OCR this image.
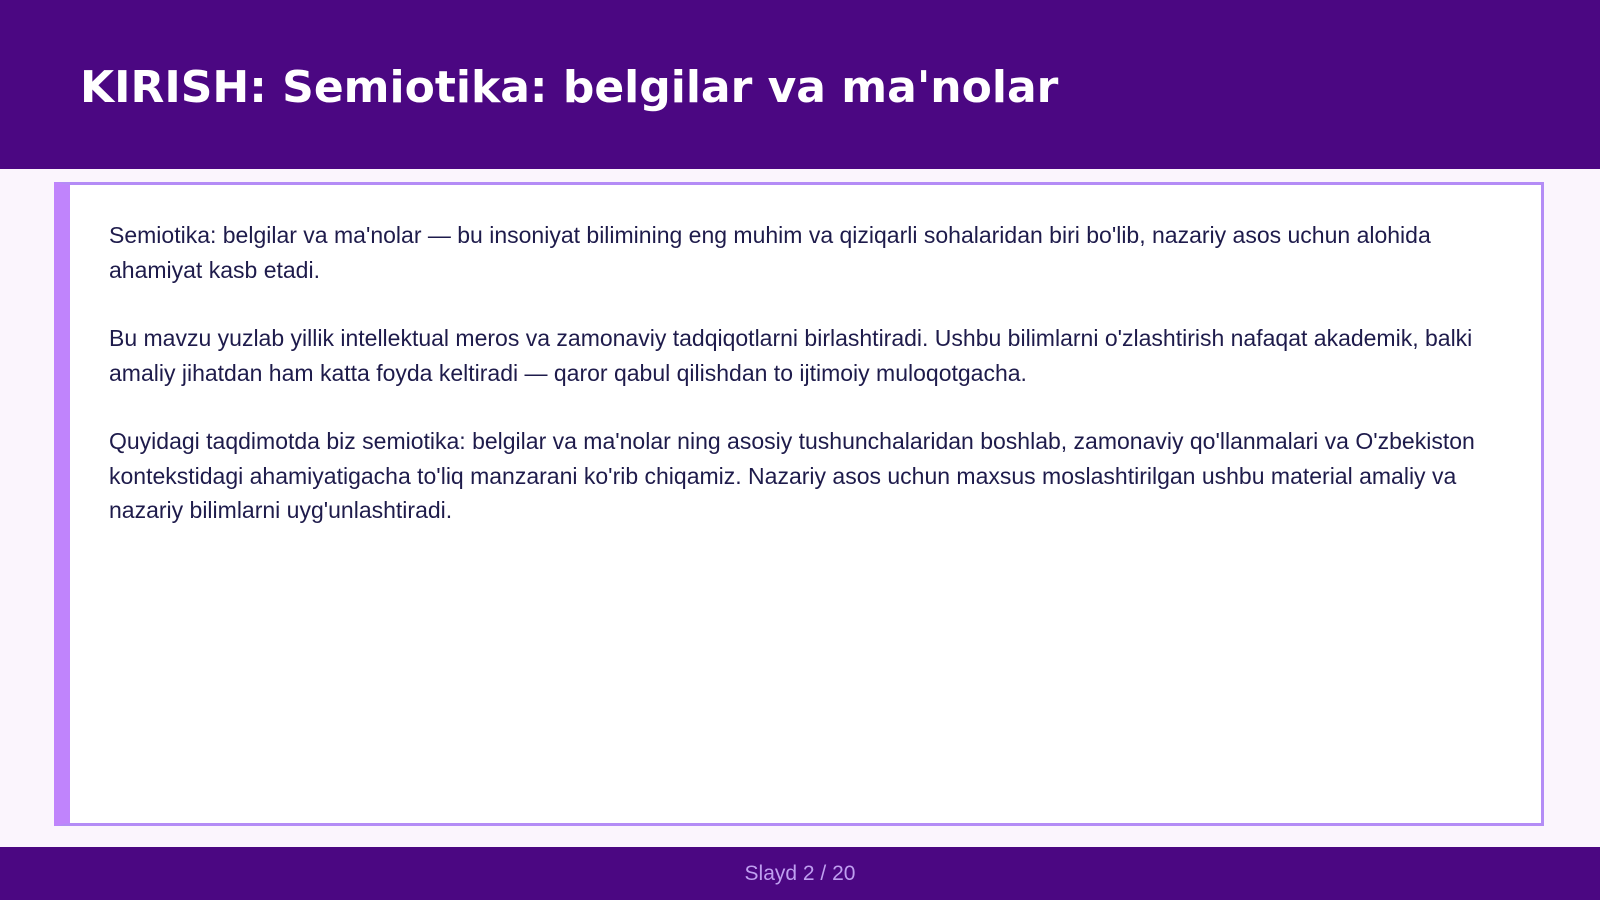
KIRISH: Semiotika: belgilar va ma'nolar

Semiotika: belgilar va ma'nolar — bu insoniyat bilimining eng muhim va qiziqarli sohalaridan biri bo'lib, nazariy asos uchun alohida ahamiyat kasb etadi.

Bu mavzu yuzlab yillik intellektual meros va zamonaviy tadqiqotlarni birlashtiradi. Ushbu bilimlarni o'zlashtirish nafaqat akademik, balki amaliy jihatdan ham katta foyda keltiradi — qaror qabul qilishdan to ijtimoiy muloqotgacha.

Quyidagi taqdimotda biz semiotika: belgilar va ma'nolar ning asosiy tushunchalaridan boshlab, zamonaviy qo'llanmalari va O'zbekiston kontekstidagi ahamiyatigacha to'liq manzarani ko'rib chiqamiz. Nazariy asos uchun maxsus moslashtirilgan ushbu material amaliy va nazariy bilimlarni uyg'unlashtiradi.

Slayd 2 / 20
